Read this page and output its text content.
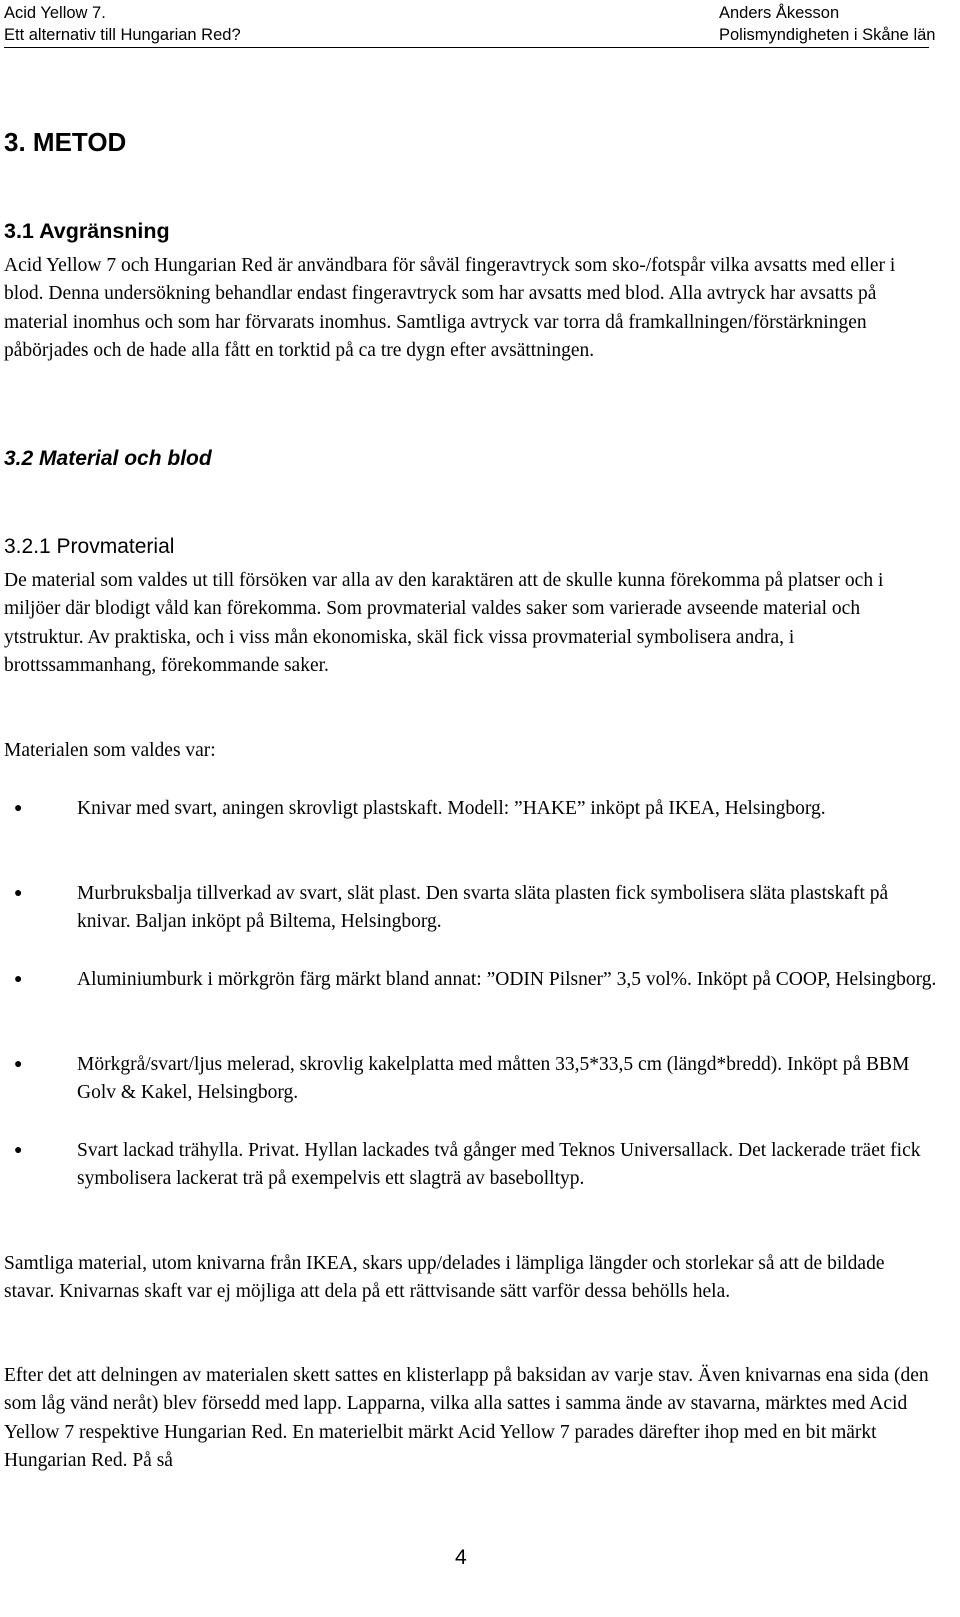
Acid Yellow 7.
Ett alternativ till Hungarian Red?
Anders Åkesson
Polismyndigheten i Skåne län
3. METOD
3.1 Avgränsning
Acid Yellow 7 och Hungarian Red är användbara för såväl fingeravtryck som sko-/fotspår vilka avsatts med eller i blod. Denna undersökning behandlar endast fingeravtryck som har avsatts med blod. Alla avtryck har avsatts på material inomhus och som har förvarats inomhus. Samtliga avtryck var torra då framkallningen/förstärkningen påbörjades och de hade alla fått en torktid på ca tre dygn efter avsättningen.
3.2 Material och blod
3.2.1 Provmaterial
De material som valdes ut till försöken var alla av den karaktären att de skulle kunna förekomma på platser och i miljöer där blodigt våld kan förekomma. Som provmaterial valdes saker som varierade avseende material och ytstruktur. Av praktiska, och i viss mån ekonomiska, skäl fick vissa provmaterial symbolisera andra, i brottssammanhang, förekommande saker.
Materialen som valdes var:
●	Knivar med svart, aningen skrovligt plastskaft. Modell: ”HAKE” inköpt på IKEA, Helsingborg.
●	Murbruksbalja tillverkad av svart, slät plast. Den svarta släta plasten fick symbolisera släta plastskaft på knivar. Baljan inköpt på Biltema, Helsingborg.
●	Aluminiumburk i mörkgrön färg märkt bland annat: ”ODIN Pilsner” 3,5 vol%. Inköpt på COOP, Helsingborg.
●	Mörkgrå/svart/ljus melerad, skrovlig kakelplatta med måtten 33,5*33,5 cm (längd*bredd). Inköpt på BBM Golv & Kakel, Helsingborg.
●	Svart lackad trähylla. Privat. Hyllan lackades två gånger med Teknos Universallack. Det lackerade träet fick symbolisera lackerat trä på exempelvis ett slagträ av basebolltyp.
Samtliga material, utom knivarna från IKEA, skars upp/delades i lämpliga längder och storlekar så att de bildade stavar. Knivarnas skaft var ej möjliga att dela på ett rättvisande sätt varför dessa behölls hela.
Efter det att delningen av materialen skett sattes en klisterlapp på baksidan av varje stav. Även knivarnas ena sida (den som låg vänd neråt) blev försedd med lapp. Lapparna, vilka alla sattes i samma ände av stavarna, märktes med Acid Yellow 7 respektive Hungarian Red. En materielbit märkt Acid Yellow 7 parades därefter ihop med en bit märkt Hungarian Red. På så
4
